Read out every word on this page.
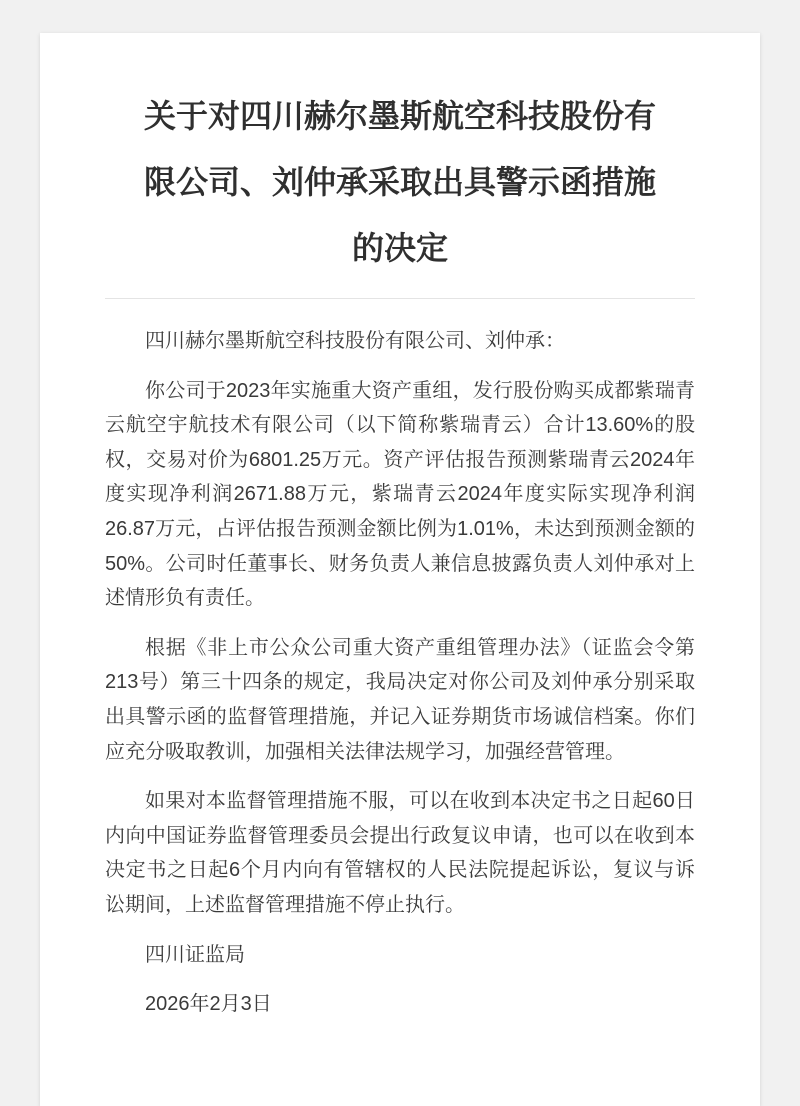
关于对四川赫尔墨斯航空科技股份有限公司、刘仲承采取出具警示函措施的决定

四川赫尔墨斯航空科技股份有限公司、刘仲承：

你公司于2023年实施重大资产重组，发行股份购买成都紫瑞青云航空宇航技术有限公司（以下简称紫瑞青云）合计13.60%的股权，交易对价为6801.25万元。资产评估报告预测紫瑞青云2024年度实现净利润2671.88万元，紫瑞青云2024年度实际实现净利润26.87万元，占评估报告预测金额比例为1.01%，未达到预测金额的50%。公司时任董事长、财务负责人兼信息披露负责人刘仲承对上述情形负有责任。

根据《非上市公众公司重大资产重组管理办法》（证监会令第213号）第三十四条的规定，我局决定对你公司及刘仲承分别采取出具警示函的监督管理措施，并记入证券期货市场诚信档案。你们应充分吸取教训，加强相关法律法规学习，加强经营管理。

如果对本监督管理措施不服，可以在收到本决定书之日起60日内向中国证券监督管理委员会提出行政复议申请，也可以在收到本决定书之日起6个月内向有管辖权的人民法院提起诉讼，复议与诉讼期间，上述监督管理措施不停止执行。

四川证监局

2026年2月3日
